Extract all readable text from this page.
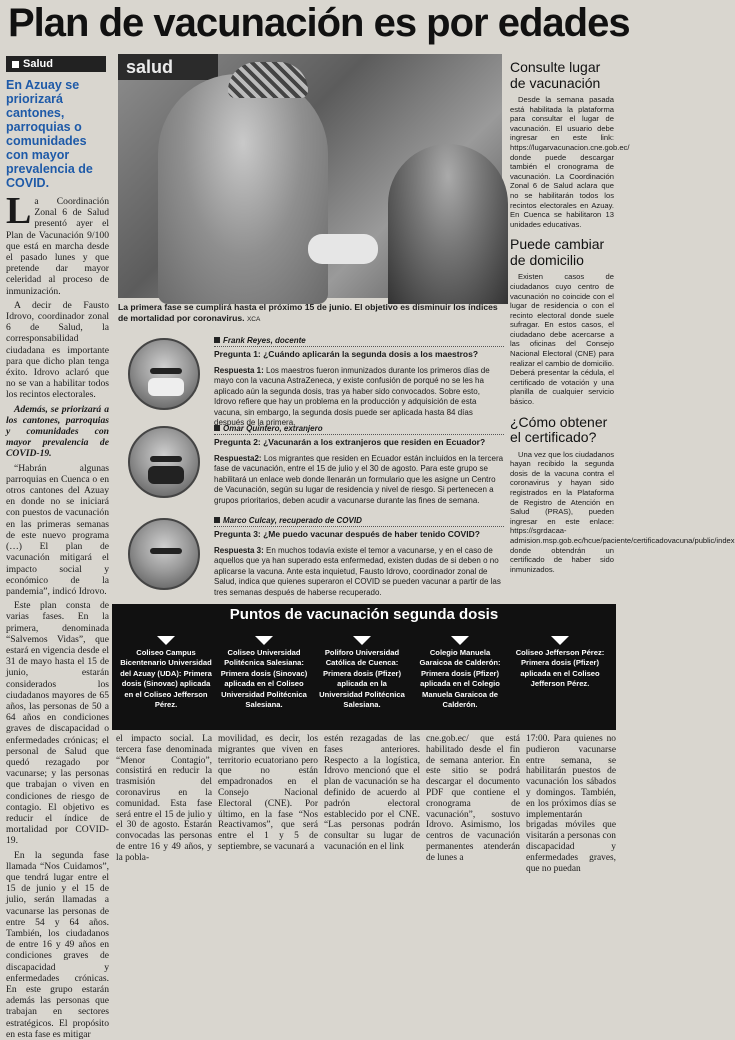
Plan de vacunación es por edades
Salud
En Azuay se priorizará cantones, parroquias o comunidades con mayor prevalencia de COVID.

La Coordinación Zonal 6 de Salud presentó ayer el Plan de Vacunación 9/100 que está en marcha desde el pasado lunes y que pretende dar mayor celeridad al proceso de inmunización.

A decir de Fausto Idrovo, coordinador zonal 6 de Salud, la corresponsabilidad ciudadana es importante para que dicho plan tenga éxito. Idrovo aclaró que no se van a habilitar todos los recintos electorales.

Además, se priorizará a los cantones, parroquias y comunidades con mayor prevalencia de COVID-19.

“Habrán algunas parroquias en Cuenca o en otros cantones del Azuay en donde no se iniciará con puestos de vacunación en las primeras semanas de este nuevo programa (…) El plan de vacunación mitigará el impacto social y económico de la pandemia”, indicó Idrovo.

Este plan consta de varias fases. En la primera, denominada “Salvemos Vidas”, que estará en vigencia desde el 31 de mayo hasta el 15 de junio, estarán considerados los ciudadanos mayores de 65 años, las personas de 50 a 64 años en condiciones graves de discapacidad o enfermedades crónicas; el personal de Salud que quedó rezagado por vacunarse; y las personas que trabajan o viven en condiciones de riesgo de contagio. El objetivo es reducir el índice de mortalidad por COVID-19.

En la segunda fase llamada “Nos Cuidamos”, que tendrá lugar entre el 15 de junio y el 15 de julio, serán llamadas a vacunarse las personas de entre 54 y 64 años. También, los ciudadanos de entre 16 y 49 años en condiciones graves de discapacidad y enfermedades crónicas. En este grupo estarán además las personas que trabajan en sectores estratégicos. El propósito en esta fase es mitigar

salud
La primera fase se cumplirá hasta el próximo 15 de junio. El objetivo es disminuir los índices de mortalidad por coronavirus. XCA
Frank Reyes, docente
Pregunta 1: ¿Cuándo aplicarán la segunda dosis a los maestros?
Respuesta 1: Los maestros fueron inmunizados durante los primeros días de mayo con la vacuna AstraZeneca, y existe confusión de porqué no se les ha aplicado aún la segunda dosis, tras ya haber sido convocados. Sobre esto, Idrovo refiere que hay un problema en la producción y adquisición de esta vacuna, sin embargo, la segunda dosis puede ser aplicada hasta 84 días después de la primera.
Omar Quintero, extranjero
Pregunta 2: ¿Vacunarán a los extranjeros que residen en Ecuador?
Respuesta2: Los migrantes que residen en Ecuador están incluidos en la tercera fase de vacunación, entre el 15 de julio y el 30 de agosto. Para este grupo se habilitará un enlace web donde llenarán un formulario que les asigne un Centro de Vacunación, según su lugar de residencia y nivel de riesgo. Si pertenecen a grupos prioritarios, deben acudir a vacunarse durante las fines de semana.
Marco Culcay, recuperado de COVID
Pregunta 3: ¿Me puedo vacunar después de haber tenido COVID?
Respuesta 3: En muchos todavía existe el temor a vacunarse, y en el caso de aquellos que ya han superado esta enfermedad, existen dudas de si deben o no aplicarse la vacuna. Ante esta inquietud, Fausto Idrovo, coordinador zonal de Salud, indica que quienes superaron el COVID se pueden vacunar a partir de las tres semanas después de haberse recuperado.
Consulte lugar de vacunación
Desde la semana pasada está habilitada la plataforma para consultar el lugar de vacunación. El usuario debe ingresar en este link: https://lugarvacunacion.cne.gob.ec/ donde puede descargar también el cronograma de vacunación. La Coordinación Zonal 6 de Salud aclara que no se habilitarán todos los recintos electorales en Azuay. En Cuenca se habilitaron 13 unidades educativas.
Puede cambiar de domicilio
Existen casos de ciudadanos cuyo centro de vacunación no coincide con el lugar de residencia o con el recinto electoral donde suele sufragar. En estos casos, el ciudadano debe acercarse a las oficinas del Consejo Nacional Electoral (CNE) para realizar el cambio de domicilio. Deberá presentar la cédula, el certificado de votación y una planilla de cualquier servicio básico.
¿Cómo obtener el certificado?
Una vez que los ciudadanos hayan recibido la segunda dosis de la vacuna contra el coronavirus y hayan sido registrados en la Plataforma de Registro de Atención en Salud (PRAS), pueden ingresar en este enlace: https://sgrdacaa-admision.msp.gob.ec/hcue/paciente/certificadovacuna/public/index donde obtendrán un certificado de haber sido inmunizados.
Puntos de vacunación segunda dosis
Coliseo Campus Bicentenario Universidad del Azuay (UDA): Primera dosis (Sinovac) aplicada en el Coliseo Jefferson Pérez.
Coliseo Universidad Politécnica Salesiana: Primera dosis (Sinovac) aplicada en el Coliseo Universidad Politécnica Salesiana.
Poliforo Universidad Católica de Cuenca: Primera dosis (Pfizer) aplicada en la Universidad Politécnica Salesiana.
Colegio Manuela Garaicoa de Calderón: Primera dosis (Pfizer) aplicada en el Colegio Manuela Garaicoa de Calderón.
Coliseo Jefferson Pérez: Primera dosis (Pfizer) aplicada en el Coliseo Jefferson Pérez.
el impacto social. La tercera fase denominada “Menor Contagio”, consistirá en reducir la trasmisión del coronavirus en la comunidad. Esta fase será entre el 15 de julio y el 30 de agosto. Estarán convocadas las personas de entre 16 y 49 años, y la pobla-
movilidad, es decir, los migrantes que viven en territorio ecuatoriano pero que no están empadronados en el Consejo Nacional Electoral (CNE). Por último, en la fase “Nos Reactivamos”, que será entre el 1 y 5 de septiembre, se vacunará a
estén rezagadas de las fases anteriores. Respecto a la logística, Idrovo mencionó que el plan de vacunación se ha definido de acuerdo al padrón electoral establecido por el CNE. “Las personas podrán consultar su lugar de vacunación en el link
cne.gob.ec/ que está habilitado desde el fin de semana anterior. En este sitio se podrá descargar el documento PDF que contiene el cronograma de vacunación”, sostuvo Idrovo. Asimismo, los centros de vacunación permanentes atenderán de lunes a
17:00. Para quienes no pudieron vacunarse entre semana, se habilitarán puestos de vacunación los sábados y domingos. También, en los próximos días se implementarán brigadas móviles que visitarán a personas con discapacidad y enfermedades graves, que no puedan
